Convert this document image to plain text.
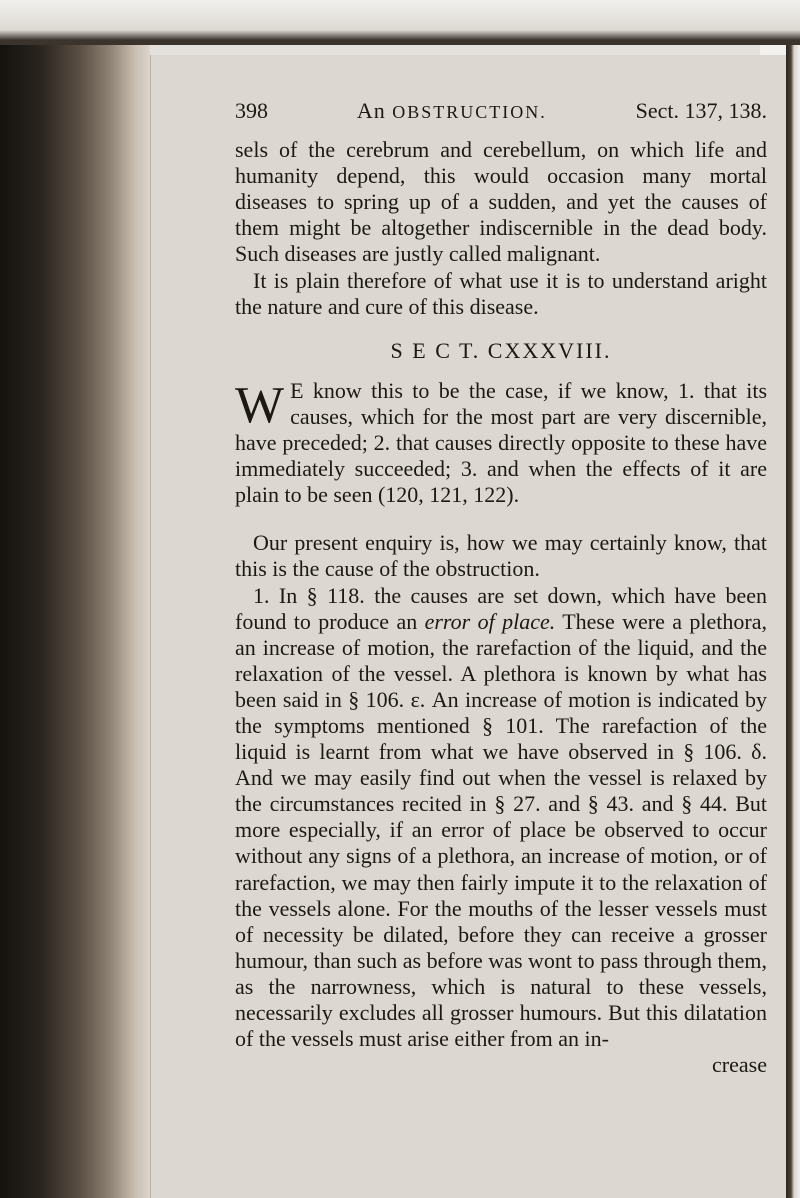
398	An OBSTRUCTION.	Sect. 137, 138.

sels of the cerebrum and cerebellum, on which life and humanity depend, this would occasion many mortal diseases to spring up of a sudden, and yet the causes of them might be altogether indiscernible in the dead body. Such diseases are justly called malignant.

It is plain therefore of what use it is to understand aright the nature and cure of this disease.

S E C T. CXXXVIII.

W E know this to be the case, if we know, 1. that its causes, which for the most part are very discernible, have preceded; 2. that causes directly opposite to these have immediately succeeded; 3. and when the effects of it are plain to be seen (120, 121, 122).

Our present enquiry is, how we may certainly know, that this is the cause of the obstruction.

1. In § 118. the causes are set down, which have been found to produce an error of place. These were a plethora, an increase of motion, the rarefaction of the liquid, and the relaxation of the vessel. A plethora is known by what has been said in § 106. ε. An increase of motion is indicated by the symptoms mentioned § 101. The rarefaction of the liquid is learnt from what we have observed in § 106. δ. And we may easily find out when the vessel is relaxed by the circumstances recited in § 27. and § 43. and § 44. But more especially, if an error of place be observed to occur without any signs of a plethora, an increase of motion, or of rarefaction, we may then fairly impute it to the relaxation of the vessels alone. For the mouths of the lesser vessels must of necessity be dilated, before they can receive a grosser humour, than such as before was wont to pass through them, as the narrowness, which is natural to these vessels, necessarily excludes all grosser humours. But this dilatation of the vessels must arise either from an in-

crease
